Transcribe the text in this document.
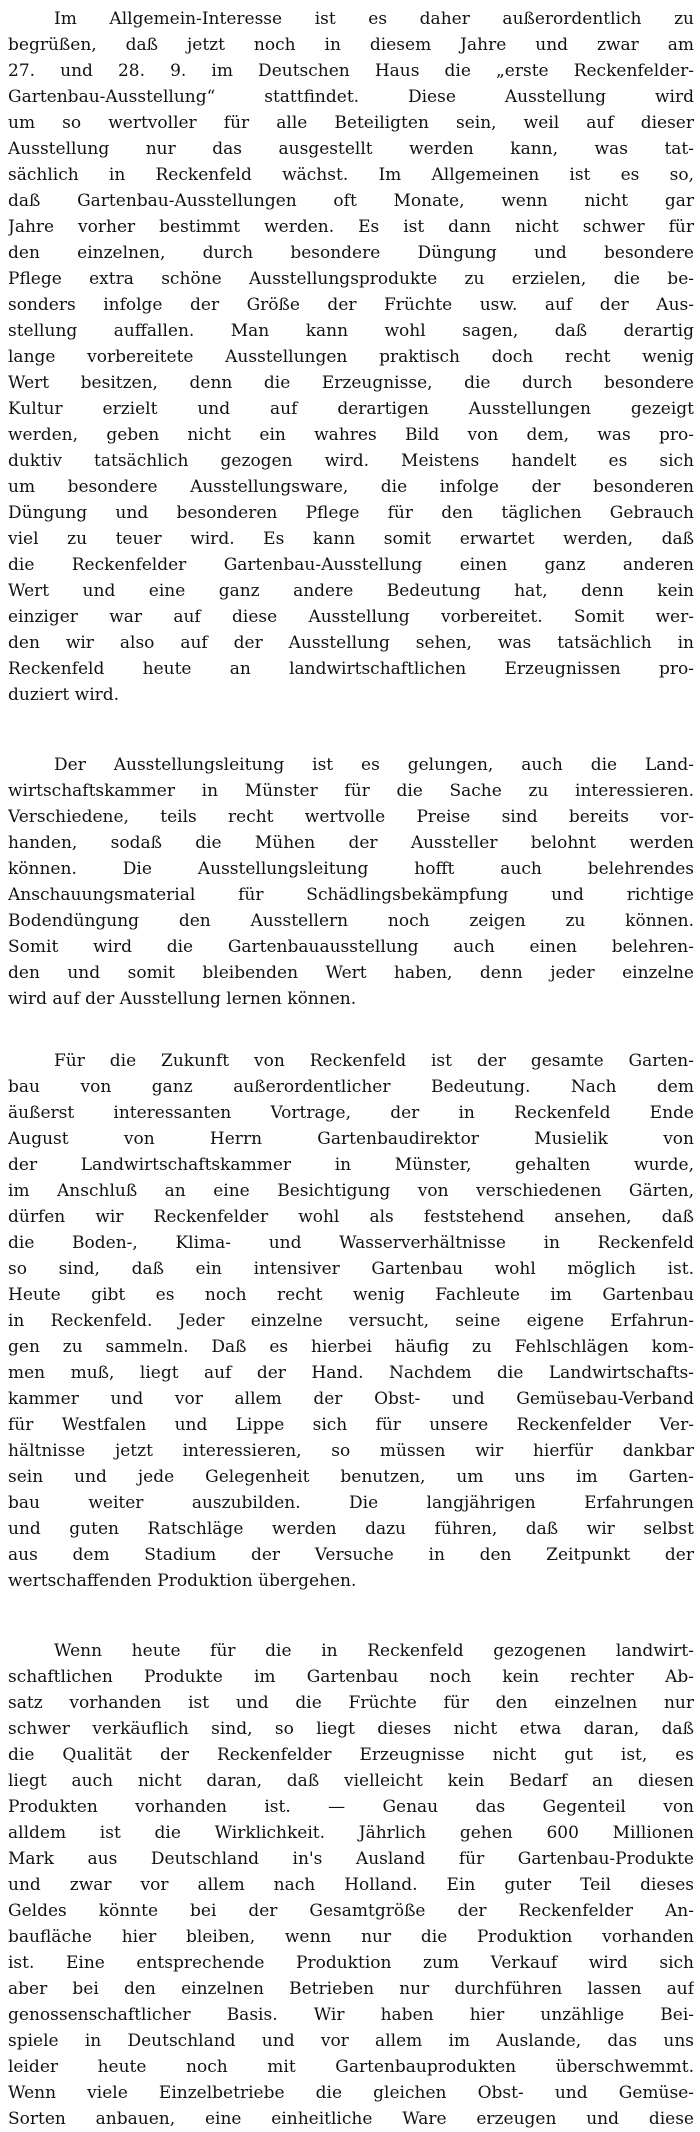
Im Allgemein-Interesse ist es daher außerordentlich zu
begrüßen, daß jetzt noch in diesem Jahre und zwar am
27. und 28. 9. im Deutschen Haus die „erste Reckenfelder-
Gartenbau-Ausstellung“ stattfindet. Diese Ausstellung wird
um so wertvoller für alle Beteiligten sein, weil auf dieser
Ausstellung nur das ausgestellt werden kann, was tat-
sächlich in Reckenfeld wächst. Im Allgemeinen ist es so,
daß Gartenbau-Ausstellungen oft Monate, wenn nicht gar
Jahre vorher bestimmt werden. Es ist dann nicht schwer für
den einzelnen, durch besondere Düngung und besondere
Pflege extra schöne Ausstellungsprodukte zu erzielen, die be-
sonders infolge der Größe der Früchte usw. auf der Aus-
stellung auffallen. Man kann wohl sagen, daß derartig
lange vorbereitete Ausstellungen praktisch doch recht wenig
Wert besitzen, denn die Erzeugnisse, die durch besondere
Kultur erzielt und auf derartigen Ausstellungen gezeigt
werden, geben nicht ein wahres Bild von dem, was pro-
duktiv tatsächlich gezogen wird. Meistens handelt es sich
um besondere Ausstellungsware, die infolge der besonderen
Düngung und besonderen Pflege für den täglichen Gebrauch
viel zu teuer wird. Es kann somit erwartet werden, daß
die Reckenfelder Gartenbau-Ausstellung einen ganz anderen
Wert und eine ganz andere Bedeutung hat, denn kein
einziger war auf diese Ausstellung vorbereitet. Somit wer-
den wir also auf der Ausstellung sehen, was tatsächlich in
Reckenfeld heute an landwirtschaftlichen Erzeugnissen pro-
duziert wird.
Der Ausstellungsleitung ist es gelungen, auch die Land-
wirtschaftskammer in Münster für die Sache zu interessieren.
Verschiedene, teils recht wertvolle Preise sind bereits vor-
handen, sodaß die Mühen der Aussteller belohnt werden
können. Die Ausstellungsleitung hofft auch belehrendes
Anschauungsmaterial für Schädlingsbekämpfung und richtige
Bodendüngung den Ausstellern noch zeigen zu können.
Somit wird die Gartenbauausstellung auch einen belehren-
den und somit bleibenden Wert haben, denn jeder einzelne
wird auf der Ausstellung lernen können.
Für die Zukunft von Reckenfeld ist der gesamte Garten-
bau von ganz außerordentlicher Bedeutung. Nach dem
äußerst interessanten Vortrage, der in Reckenfeld Ende
August von Herrn Gartenbaudirektor Musielik von
der Landwirtschaftskammer in Münster, gehalten wurde,
im Anschluß an eine Besichtigung von verschiedenen Gärten,
dürfen wir Reckenfelder wohl als feststehend ansehen, daß
die Boden-, Klima- und Wasserverhältnisse in Reckenfeld
so sind, daß ein intensiver Gartenbau wohl möglich ist.
Heute gibt es noch recht wenig Fachleute im Gartenbau
in Reckenfeld. Jeder einzelne versucht, seine eigene Erfahrun-
gen zu sammeln. Daß es hierbei häufig zu Fehlschlägen kom-
men muß, liegt auf der Hand. Nachdem die Landwirtschafts-
kammer und vor allem der Obst- und Gemüsebau-Verband
für Westfalen und Lippe sich für unsere Reckenfelder Ver-
hältnisse jetzt interessieren, so müssen wir hierfür dankbar
sein und jede Gelegenheit benutzen, um uns im Garten-
bau weiter auszubilden. Die langjährigen Erfahrungen
und guten Ratschläge werden dazu führen, daß wir selbst
aus dem Stadium der Versuche in den Zeitpunkt der
wertschaffenden Produktion übergehen.
Wenn heute für die in Reckenfeld gezogenen landwirt-
schaftlichen Produkte im Gartenbau noch kein rechter Ab-
satz vorhanden ist und die Früchte für den einzelnen nur
schwer verkäuflich sind, so liegt dieses nicht etwa daran, daß
die Qualität der Reckenfelder Erzeugnisse nicht gut ist, es
liegt auch nicht daran, daß vielleicht kein Bedarf an diesen
Produkten vorhanden ist. — Genau das Gegenteil von
alldem ist die Wirklichkeit. Jährlich gehen 600 Millionen
Mark aus Deutschland in's Ausland für Gartenbau-Produkte
und zwar vor allem nach Holland. Ein guter Teil dieses
Geldes könnte bei der Gesamtgröße der Reckenfelder An-
baufläche hier bleiben, wenn nur die Produktion vorhanden
ist. Eine entsprechende Produktion zum Verkauf wird sich
aber bei den einzelnen Betrieben nur durchführen lassen auf
genossenschaftlicher Basis. Wir haben hier unzählige Bei-
spiele in Deutschland und vor allem im Auslande, das uns
leider heute noch mit Gartenbauprodukten überschwemmt.
Wenn viele Einzelbetriebe die gleichen Obst- und Gemüse-
Sorten anbauen, eine einheitliche Ware erzeugen und diese
